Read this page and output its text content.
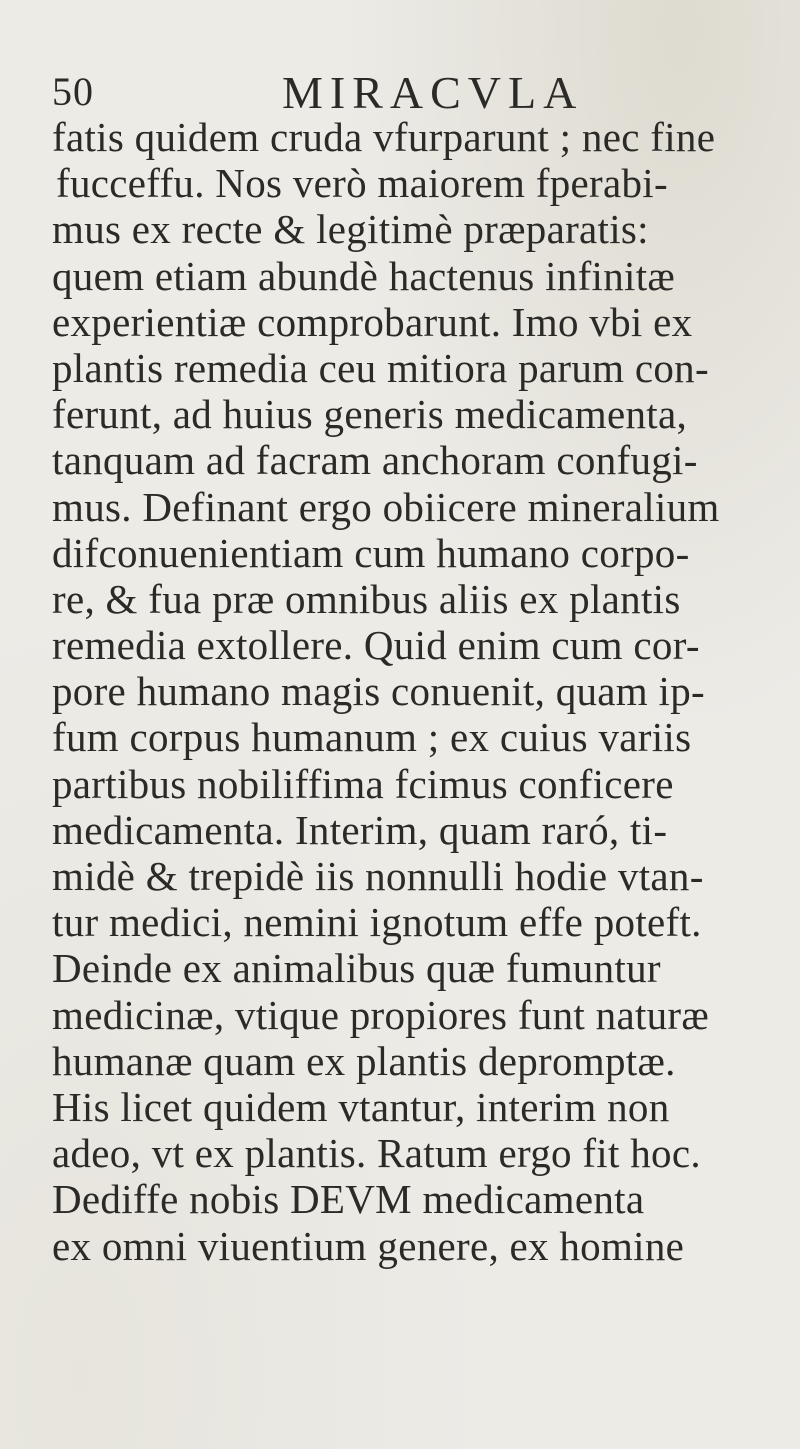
50	MIRACVLA
fatis quidem cruda vfurparunt ; nec fine
fucceffu. Nos verò maiorem fperabi-
mus ex recte & legitimè præparatis:
quem etiam abundè hactenus infinitæ
experientiæ comprobarunt. Imo vbi ex
plantis remedia ceu mitiora parum con-
ferunt, ad huius generis medicamenta,
tanquam ad facram anchoram confugi-
mus. Definant ergo obiicere mineralium
difconuenientiam cum humano corpo-
re, & fua præ omnibus aliis ex plantis
remedia extollere. Quid enim cum cor-
pore humano magis conuenit, quam ip-
fum corpus humanum ; ex cuius variis
partibus nobiliffima fcimus conficere
medicamenta. Interim, quam raró, ti-
midè & trepidè iis nonnulli hodie vtan-
tur medici, nemini ignotum effe poteft.
Deinde ex animalibus quæ fumuntur
medicinæ, vtique propiores funt naturæ
humanæ quam ex plantis depromptæ.
His licet quidem vtantur, interim non
adeo, vt ex plantis. Ratum ergo fit hoc.
Dediffe nobis DEVM medicamenta
ex omni viuentium genere, ex homine
